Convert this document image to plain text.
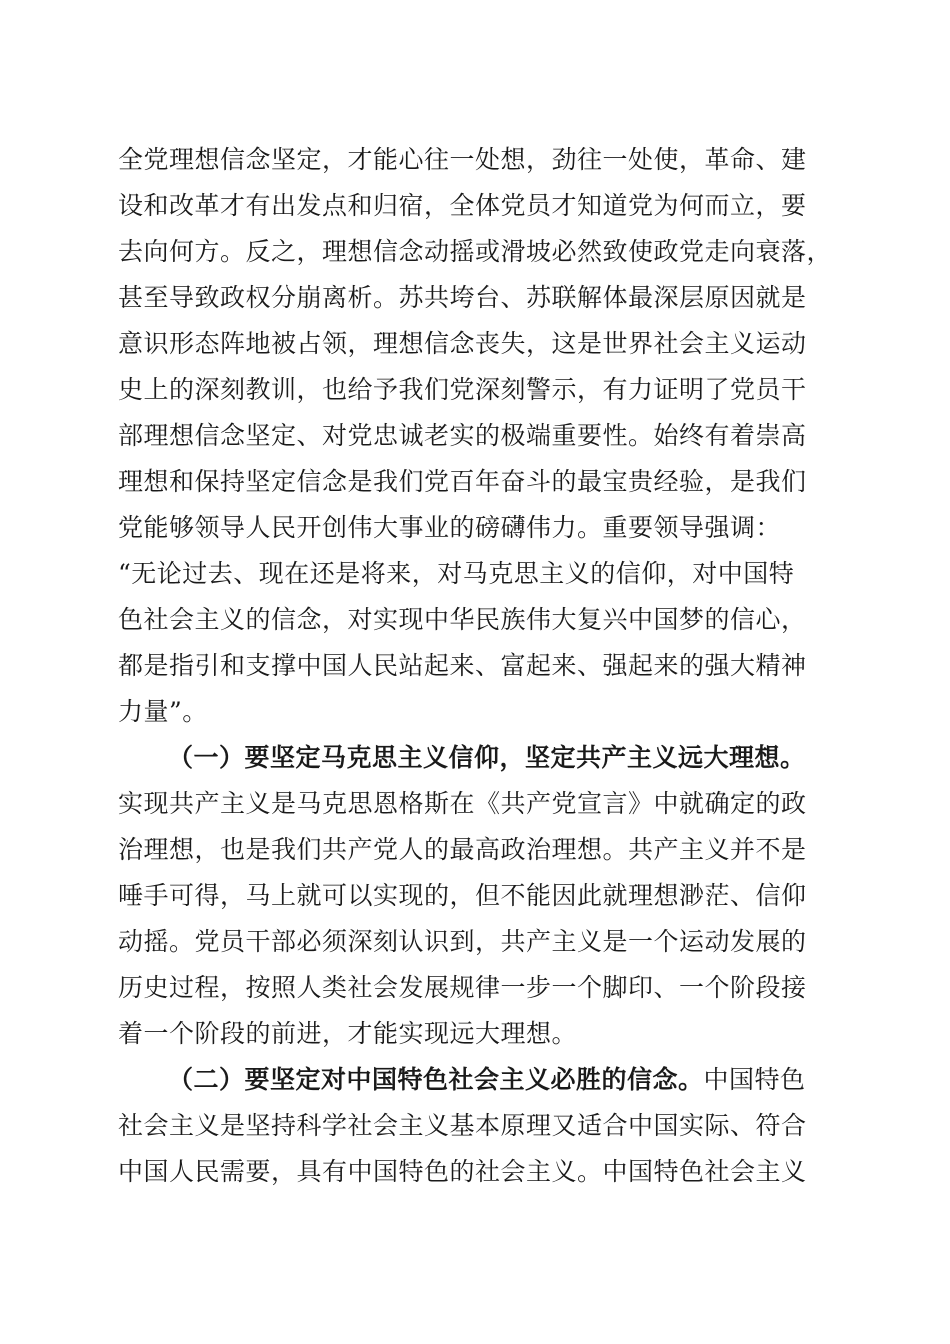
全党理想信念坚定，才能心往一处想，劲往一处使，革命、建
设和改革才有出发点和归宿，全体党员才知道党为何而立，要
去向何方。反之，理想信念动摇或滑坡必然致使政党走向衰落，
甚至导致政权分崩离析。苏共垮台、苏联解体最深层原因就是
意识形态阵地被占领，理想信念丧失，这是世界社会主义运动
史上的深刻教训，也给予我们党深刻警示，有力证明了党员干
部理想信念坚定、对党忠诚老实的极端重要性。始终有着崇高
理想和保持坚定信念是我们党百年奋斗的最宝贵经验，是我们
党能够领导人民开创伟大事业的磅礴伟力。重要领导强调：
“无论过去、现在还是将来，对马克思主义的信仰，对中国特
色社会主义的信念，对实现中华民族伟大复兴中国梦的信心，
都是指引和支撑中国人民站起来、富起来、强起来的强大精神
力量”。
（一）要坚定马克思主义信仰，坚定共产主义远大理想。
实现共产主义是马克思恩格斯在《共产党宣言》中就确定的政
治理想，也是我们共产党人的最高政治理想。共产主义并不是
唾手可得，马上就可以实现的，但不能因此就理想渺茫、信仰
动摇。党员干部必须深刻认识到，共产主义是一个运动发展的
历史过程，按照人类社会发展规律一步一个脚印、一个阶段接
着一个阶段的前进，才能实现远大理想。
（二）要坚定对中国特色社会主义必胜的信念。中国特色
社会主义是坚持科学社会主义基本原理又适合中国实际、符合
中国人民需要，具有中国特色的社会主义。中国特色社会主义
